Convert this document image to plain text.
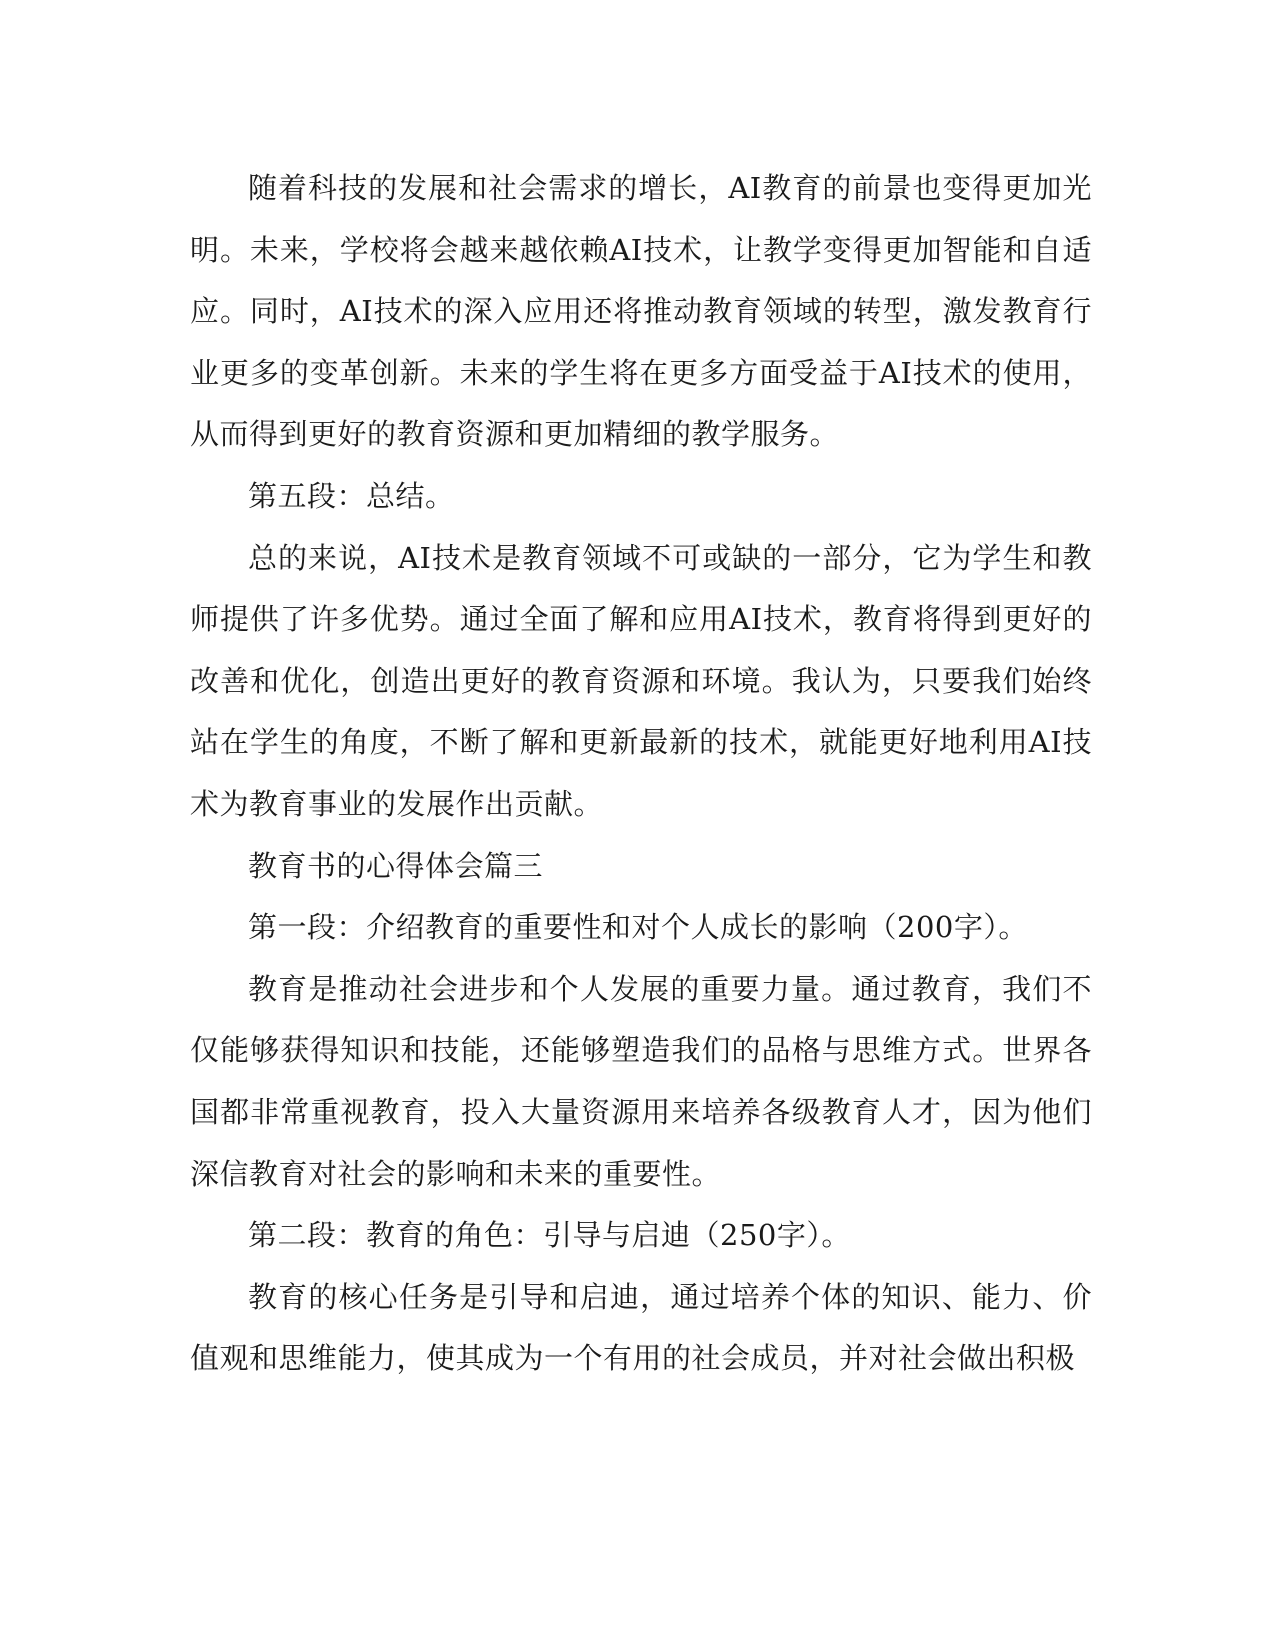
随着科技的发展和社会需求的增长，AI教育的前景也变得更加光明。未来，学校将会越来越依赖AI技术，让教学变得更加智能和自适应。同时，AI技术的深入应用还将推动教育领域的转型，激发教育行业更多的变革创新。未来的学生将在更多方面受益于AI技术的使用，从而得到更好的教育资源和更加精细的教学服务。

第五段：总结。

总的来说，AI技术是教育领域不可或缺的一部分，它为学生和教师提供了许多优势。通过全面了解和应用AI技术，教育将得到更好的改善和优化，创造出更好的教育资源和环境。我认为，只要我们始终站在学生的角度，不断了解和更新最新的技术，就能更好地利用AI技术为教育事业的发展作出贡献。

教育书的心得体会篇三

第一段：介绍教育的重要性和对个人成长的影响（200字）。

教育是推动社会进步和个人发展的重要力量。通过教育，我们不仅能够获得知识和技能，还能够塑造我们的品格与思维方式。世界各国都非常重视教育，投入大量资源用来培养各级教育人才，因为他们深信教育对社会的影响和未来的重要性。

第二段：教育的角色：引导与启迪（250字）。

教育的核心任务是引导和启迪，通过培养个体的知识、能力、价值观和思维能力，使其成为一个有用的社会成员，并对社会做出积极
